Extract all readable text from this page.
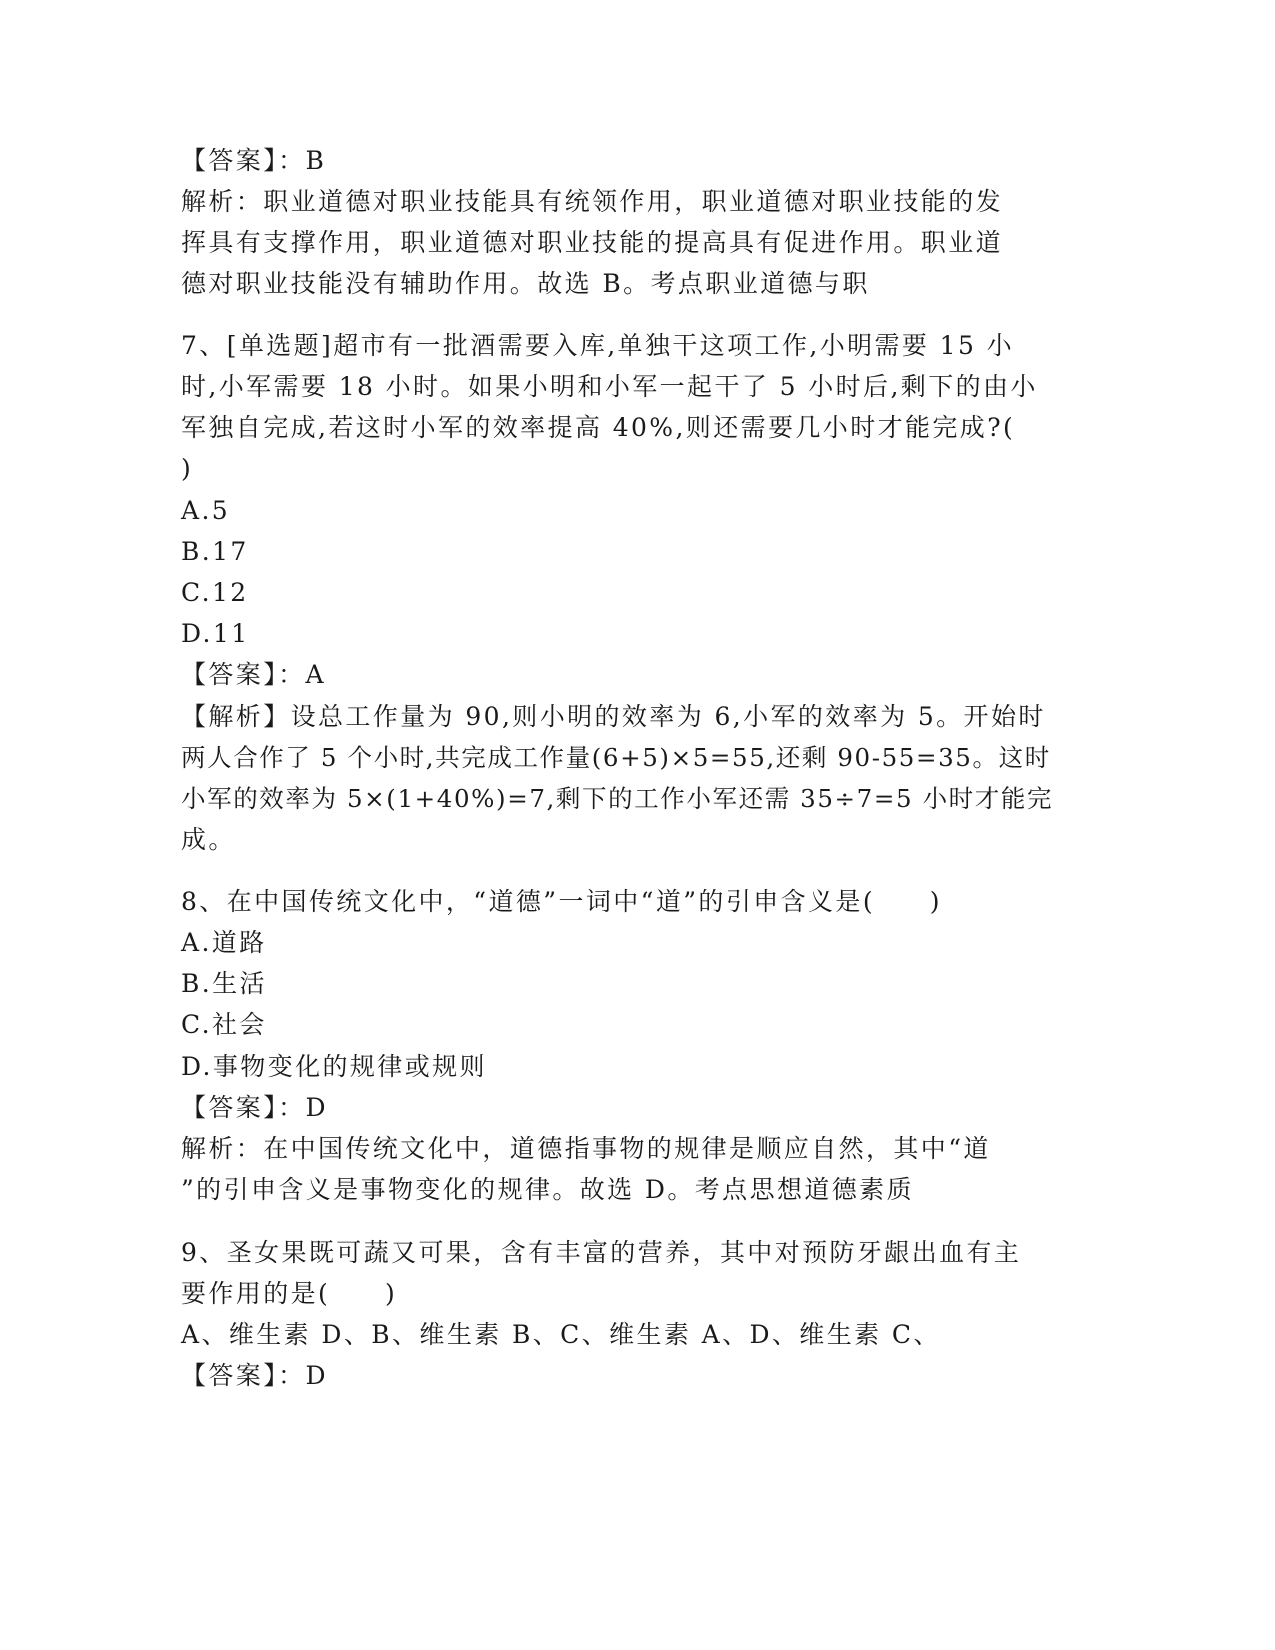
【答案】：B
解析：职业道德对职业技能具有统领作用，职业道德对职业技能的发
挥具有支撑作用，职业道德对职业技能的提高具有促进作用。职业道
德对职业技能没有辅助作用。故选 B。考点职业道德与职
7、[单选题]超市有一批酒需要入库,单独干这项工作,小明需要 15 小
时,小军需要 18 小时。如果小明和小军一起干了 5 小时后,剩下的由小
军独自完成,若这时小军的效率提高 40%,则还需要几小时才能完成?(
)
A.5
B.17
C.12
D.11
【答案】：A
【解析】设总工作量为 90,则小明的效率为 6,小军的效率为 5。开始时
两人合作了 5 个小时,共完成工作量(6+5)×5=55,还剩 90-55=35。这时
小军的效率为 5×(1+40%)=7,剩下的工作小军还需 35÷7=5 小时才能完
成。
8、在中国传统文化中，“道德”一词中“道”的引申含义是(　　)
A.道路
B.生活
C.社会
D.事物变化的规律或规则
【答案】：D
解析：在中国传统文化中，道德指事物的规律是顺应自然，其中“道
”的引申含义是事物变化的规律。故选 D。考点思想道德素质
9、圣女果既可蔬又可果，含有丰富的营养，其中对预防牙龈出血有主
要作用的是(　　)
A、维生素 D、B、维生素 B、C、维生素 A、D、维生素 C、
【答案】：D
